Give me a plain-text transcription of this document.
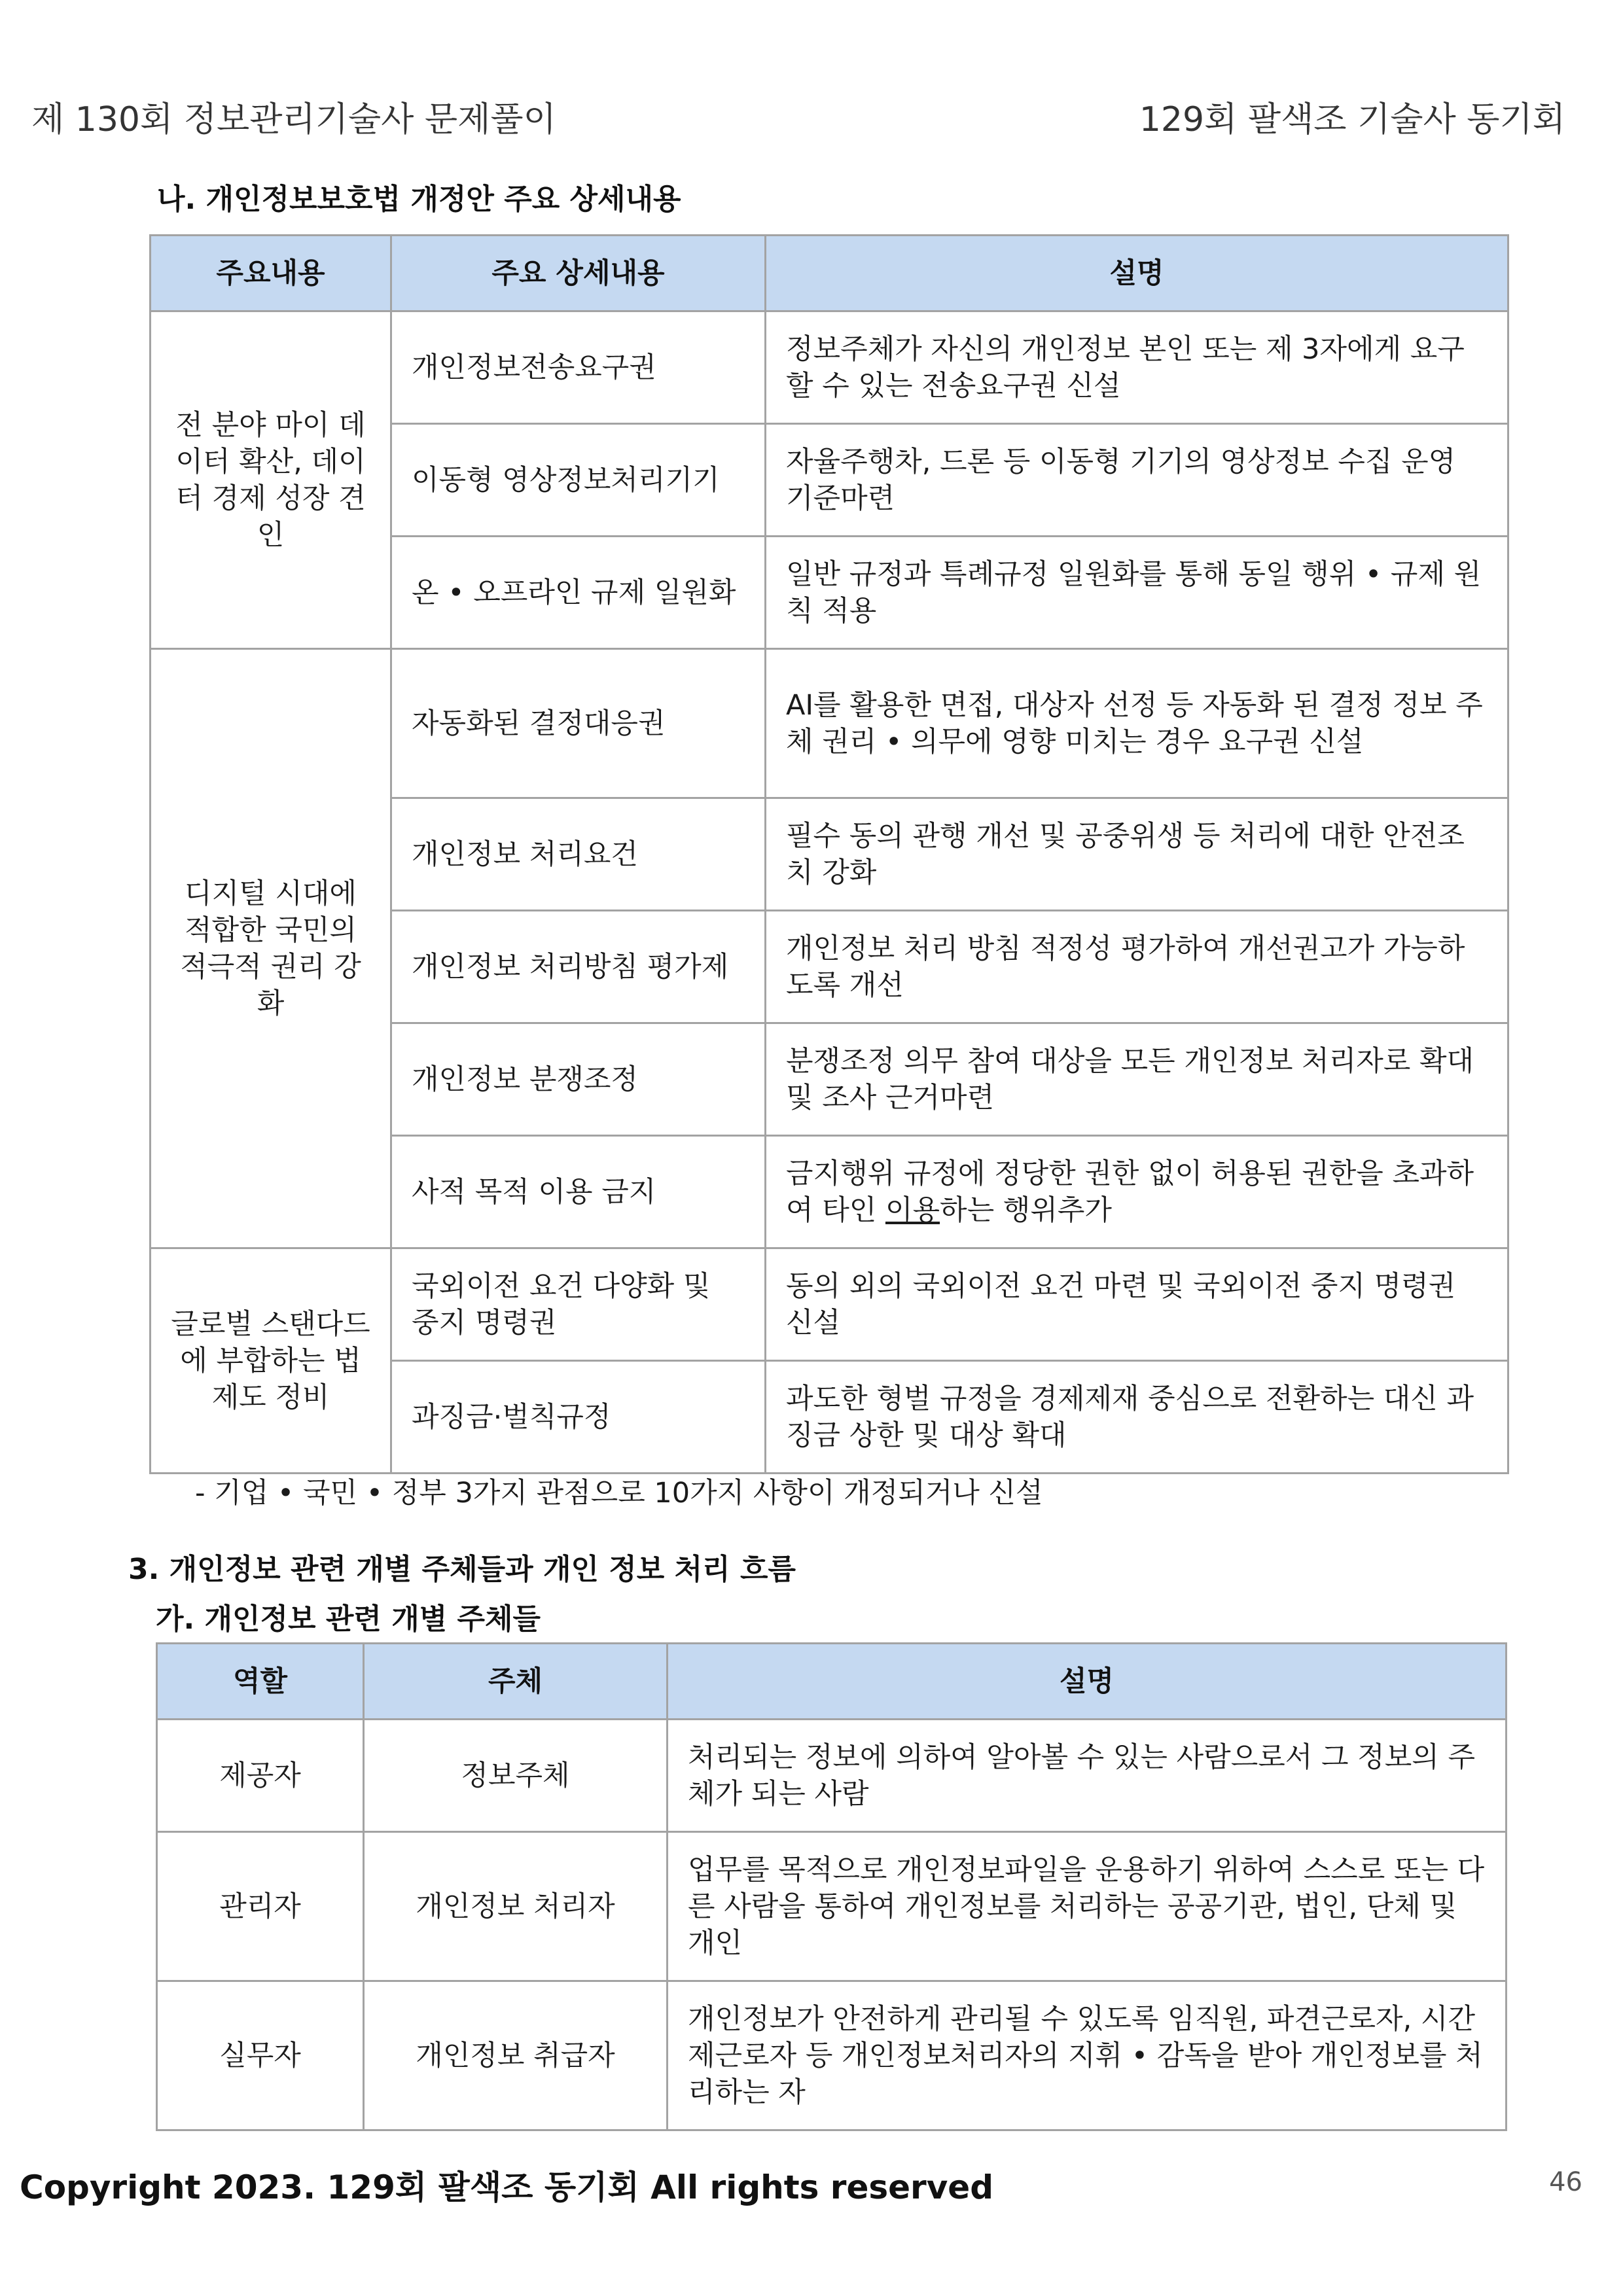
제 130회 정보관리기술사 문제풀이	129회 팔색조 기술사 동기회
나. 개인정보보호법 개정안 주요 상세내용
주요내용	주요 상세내용	설명
전 분야 마이 데이터 확산, 데이터 경제 성장 견인	개인정보전송요구권	정보주체가 자신의 개인정보 본인 또는 제 3자에게 요구 할 수 있는 전송요구권 신설
	이동형 영상정보처리기기	자율주행차, 드론 등 이동형 기기의 영상정보 수집 운영 기준마련
	온 • 오프라인 규제 일원화	일반 규정과 특례규정 일원화를 통해 동일 행위 • 규제 원칙 적용
디지털 시대에 적합한 국민의 적극적 권리 강화	자동화된 결정대응권	AI를 활용한 면접, 대상자 선정 등 자동화 된 결정 정보 주체 권리 • 의무에 영향 미치는 경우 요구권 신설
	개인정보 처리요건	필수 동의 관행 개선 및 공중위생 등 처리에 대한 안전조치 강화
	개인정보 처리방침 평가제	개인정보 처리 방침 적정성 평가하여 개선권고가 가능하도록 개선
	개인정보 분쟁조정	분쟁조정 의무 참여 대상을 모든 개인정보 처리자로 확대 및 조사 근거마련
	사적 목적 이용 금지	금지행위 규정에 정당한 권한 없이 허용된 권한을 초과하여 타인 이용하는 행위추가
글로벌 스탠다드에 부합하는 법제도 정비	국외이전 요건 다양화 및 중지 명령권	동의 외의 국외이전 요건 마련 및 국외이전 중지 명령권 신설
	과징금·벌칙규정	과도한 형벌 규정을 경제제재 중심으로 전환하는 대신 과징금 상한 및 대상 확대
- 기업 • 국민 • 정부 3가지 관점으로 10가지 사항이 개정되거나 신설
3. 개인정보 관련 개별 주체들과 개인 정보 처리 흐름
가. 개인정보 관련 개별 주체들
역할	주체	설명
제공자	정보주체	처리되는 정보에 의하여 알아볼 수 있는 사람으로서 그 정보의 주체가 되는 사람
관리자	개인정보 처리자	업무를 목적으로 개인정보파일을 운용하기 위하여 스스로 또는 다른 사람을 통하여 개인정보를 처리하는 공공기관, 법인, 단체 및 개인
실무자	개인정보 취급자	개인정보가 안전하게 관리될 수 있도록 임직원, 파견근로자, 시간제근로자 등 개인정보처리자의 지휘 • 감독을 받아 개인정보를 처리하는 자
Copyright 2023. 129회 팔색조 동기회 All rights reserved	46
